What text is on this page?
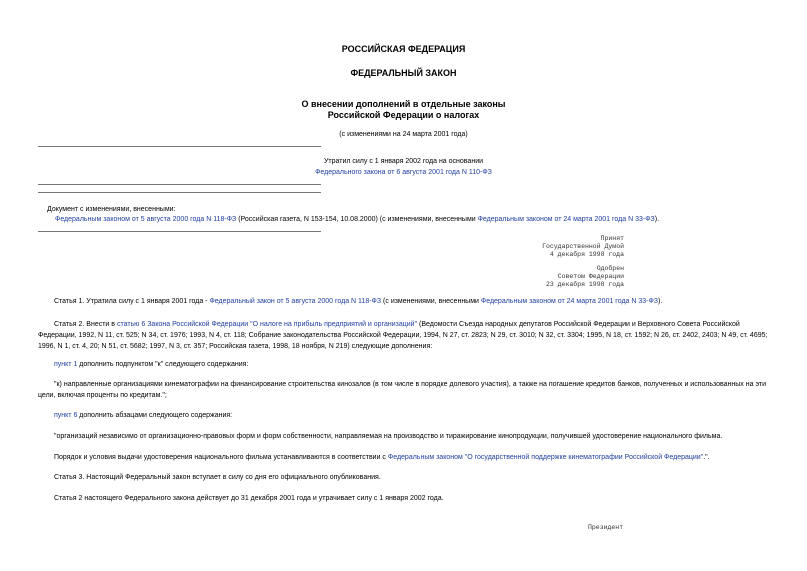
РОССИЙСКАЯ ФЕДЕРАЦИЯ
ФЕДЕРАЛЬНЫЙ ЗАКОН
О внесении дополнений в отдельные законы
Российской Федерации о налогах
(с изменениями на 24 марта 2001 года)
Утратил силу с 1 января 2002 года на основании
Федерального закона от 6 августа 2001 года N 110-ФЗ
Документ с изменениями, внесенными:
Федеральным законом от 5 августа 2000 года N 118-ФЗ (Российская газета, N 153-154, 10.08.2000) (с изменениями, внесенными Федеральным законом от 24 марта 2001 года N 33-ФЗ).
Принят
Государственной Думой
4 декабря 1998 года
Одобрен
Советом Федерации
23 декабря 1998 года
Статья 1. Утратила силу с 1 января 2001 года - Федеральный закон от 5 августа 2000 года N 118-ФЗ (с изменениями, внесенными Федеральным законом от 24 марта 2001 года N 33-ФЗ).
Статья 2. Внести в статью 6 Закона Российской Федерации "О налоге на прибыль предприятий и организаций" (Ведомости Съезда народных депутатов Российской Федерации и Верховного Совета Российской Федерации, 1992, N 11, ст. 525; N 34, ст. 1976; 1993, N 4, ст. 118; Собрание законодательства Российской Федерации, 1994, N 27, ст. 2823; N 29, ст. 3010; N 32, ст. 3304; 1995, N 18, ст. 1592; N 26, ст. 2402, 2403; N 49, ст. 4695; 1996, N 1, ст. 4, 20; N 51, ст. 5682; 1997, N 3, ст. 357; Российская газета, 1998, 18 ноября, N 219) следующие дополнения:
пункт 1 дополнить подпунктом "к" следующего содержания:
"к) направленные организациями кинематографии на финансирование строительства кинозалов (в том числе в порядке долевого участия), а также на погашение кредитов банков, полученных и использованных на эти цели, включая проценты по кредитам.";
пункт 6 дополнить абзацами следующего содержания:
"организаций независимо от организационно-правовых форм и форм собственности, направляемая на производство и тиражирование кинопродукции, получившей удостоверение национального фильма.
Порядок и условия выдачи удостоверения национального фильма устанавливаются в соответствии с Федеральным законом "О государственной поддержке кинематографии Российской Федерации".".
Статья 3. Настоящий Федеральный закон вступает в силу со дня его официального опубликования.
Статья 2 настоящего Федерального закона действует до 31 декабря 2001 года и утрачивает силу с 1 января 2002 года.
Президент
